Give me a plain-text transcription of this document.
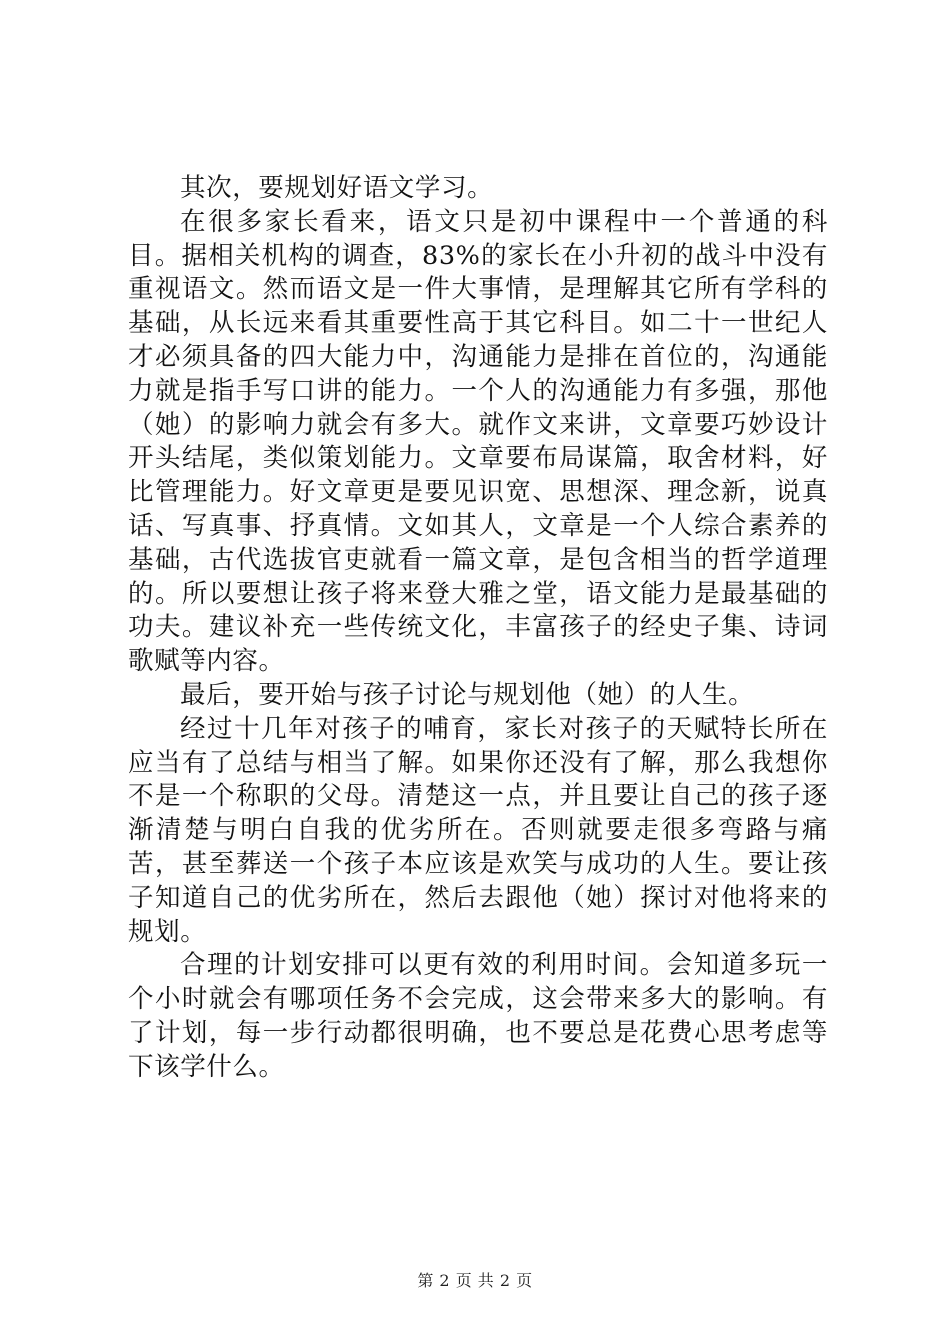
其次，要规划好语文学习。

在很多家长看来，语文只是初中课程中一个普通的科目。据相关机构的调查，83%的家长在小升初的战斗中没有重视语文。然而语文是一件大事情，是理解其它所有学科的基础，从长远来看其重要性高于其它科目。如二十一世纪人才必须具备的四大能力中，沟通能力是排在首位的，沟通能力就是指手写口讲的能力。一个人的沟通能力有多强，那他（她）的影响力就会有多大。就作文来讲，文章要巧妙设计开头结尾，类似策划能力。文章要布局谋篇，取舍材料，好比管理能力。好文章更是要见识宽、思想深、理念新，说真话、写真事、抒真情。文如其人，文章是一个人综合素养的基础，古代选拔官吏就看一篇文章，是包含相当的哲学道理的。所以要想让孩子将来登大雅之堂，语文能力是最基础的功夫。建议补充一些传统文化，丰富孩子的经史子集、诗词歌赋等内容。

最后，要开始与孩子讨论与规划他（她）的人生。

经过十几年对孩子的哺育，家长对孩子的天赋特长所在应当有了总结与相当了解。如果你还没有了解，那么我想你不是一个称职的父母。清楚这一点，并且要让自己的孩子逐渐清楚与明白自我的优劣所在。否则就要走很多弯路与痛苦，甚至葬送一个孩子本应该是欢笑与成功的人生。要让孩子知道自己的优劣所在，然后去跟他（她）探讨对他将来的规划。

合理的计划安排可以更有效的利用时间。会知道多玩一个小时就会有哪项任务不会完成，这会带来多大的影响。有了计划，每一步行动都很明确，也不要总是花费心思考虑等下该学什么。

第 2 页 共 2 页
